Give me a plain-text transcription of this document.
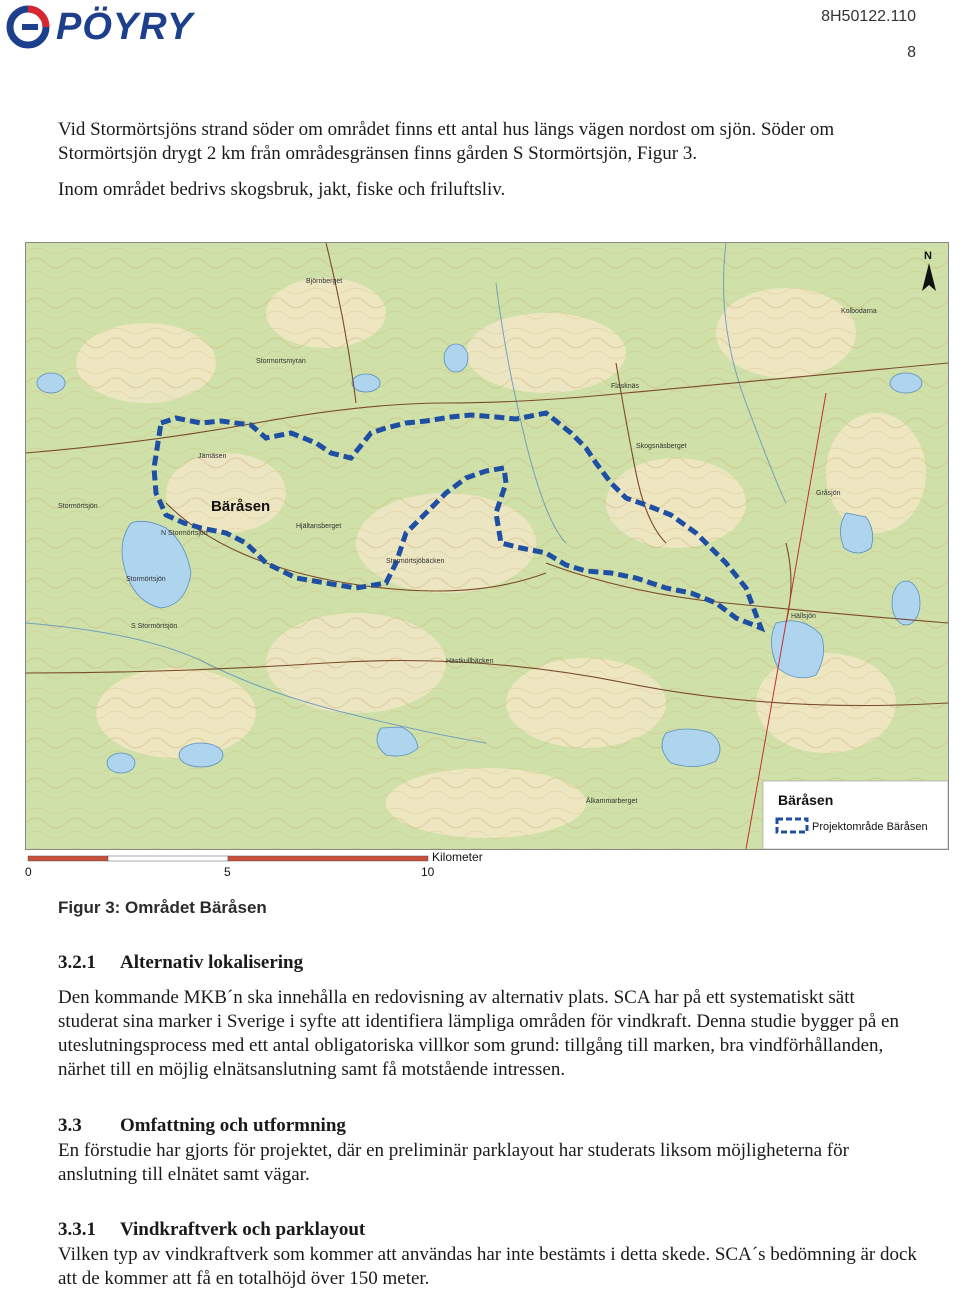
PÖYRY	8H50122.110
8
Vid Stormörtsjöns strand söder om området finns ett antal hus längs vägen nordost om sjön. Söder om Stormörtsjön drygt 2 km från områdesgränsen finns gården S Stormörtsjön, Figur 3.
Inom området bedrivs skogsbruk, jakt, fiske och friluftsliv.
Bäråsen
Jämäsen
Stormörtsjön
Stormörtsjöbäcken
Hjältansberget
Skogsnäsberget
Flasknäs
Kolbodarna
Gråsjön
Hällsjön
Stormörtsjön
N Stormörtsjön
S Stormörtsjön
Björnberget
Hästkullbäcken
Ålkammarberget
Stormortsmyran
N
Bäråsen
Projektområde Bäråsen
Kilometer
0	5	10
Figur 3: Området Bäråsen
3.2.1 Alternativ lokalisering
Den kommande MKB´n ska innehålla en redovisning av alternativ plats. SCA har på ett systematiskt sätt studerat sina marker i Sverige i syfte att identifiera lämpliga områden för vindkraft. Denna studie bygger på en uteslutningsprocess med ett antal obligatoriska villkor som grund: tillgång till marken, bra vindförhållanden, närhet till en möjlig elnätsanslutning samt få motstående intressen.
3.3 Omfattning och utformning
En förstudie har gjorts för projektet, där en preliminär parklayout har studerats liksom möjligheterna för anslutning till elnätet samt vägar.
3.3.1 Vindkraftverk och parklayout
Vilken typ av vindkraftverk som kommer att användas har inte bestämts i detta skede. SCA´s bedömning är dock att de kommer att få en totalhöjd över 150 meter.
